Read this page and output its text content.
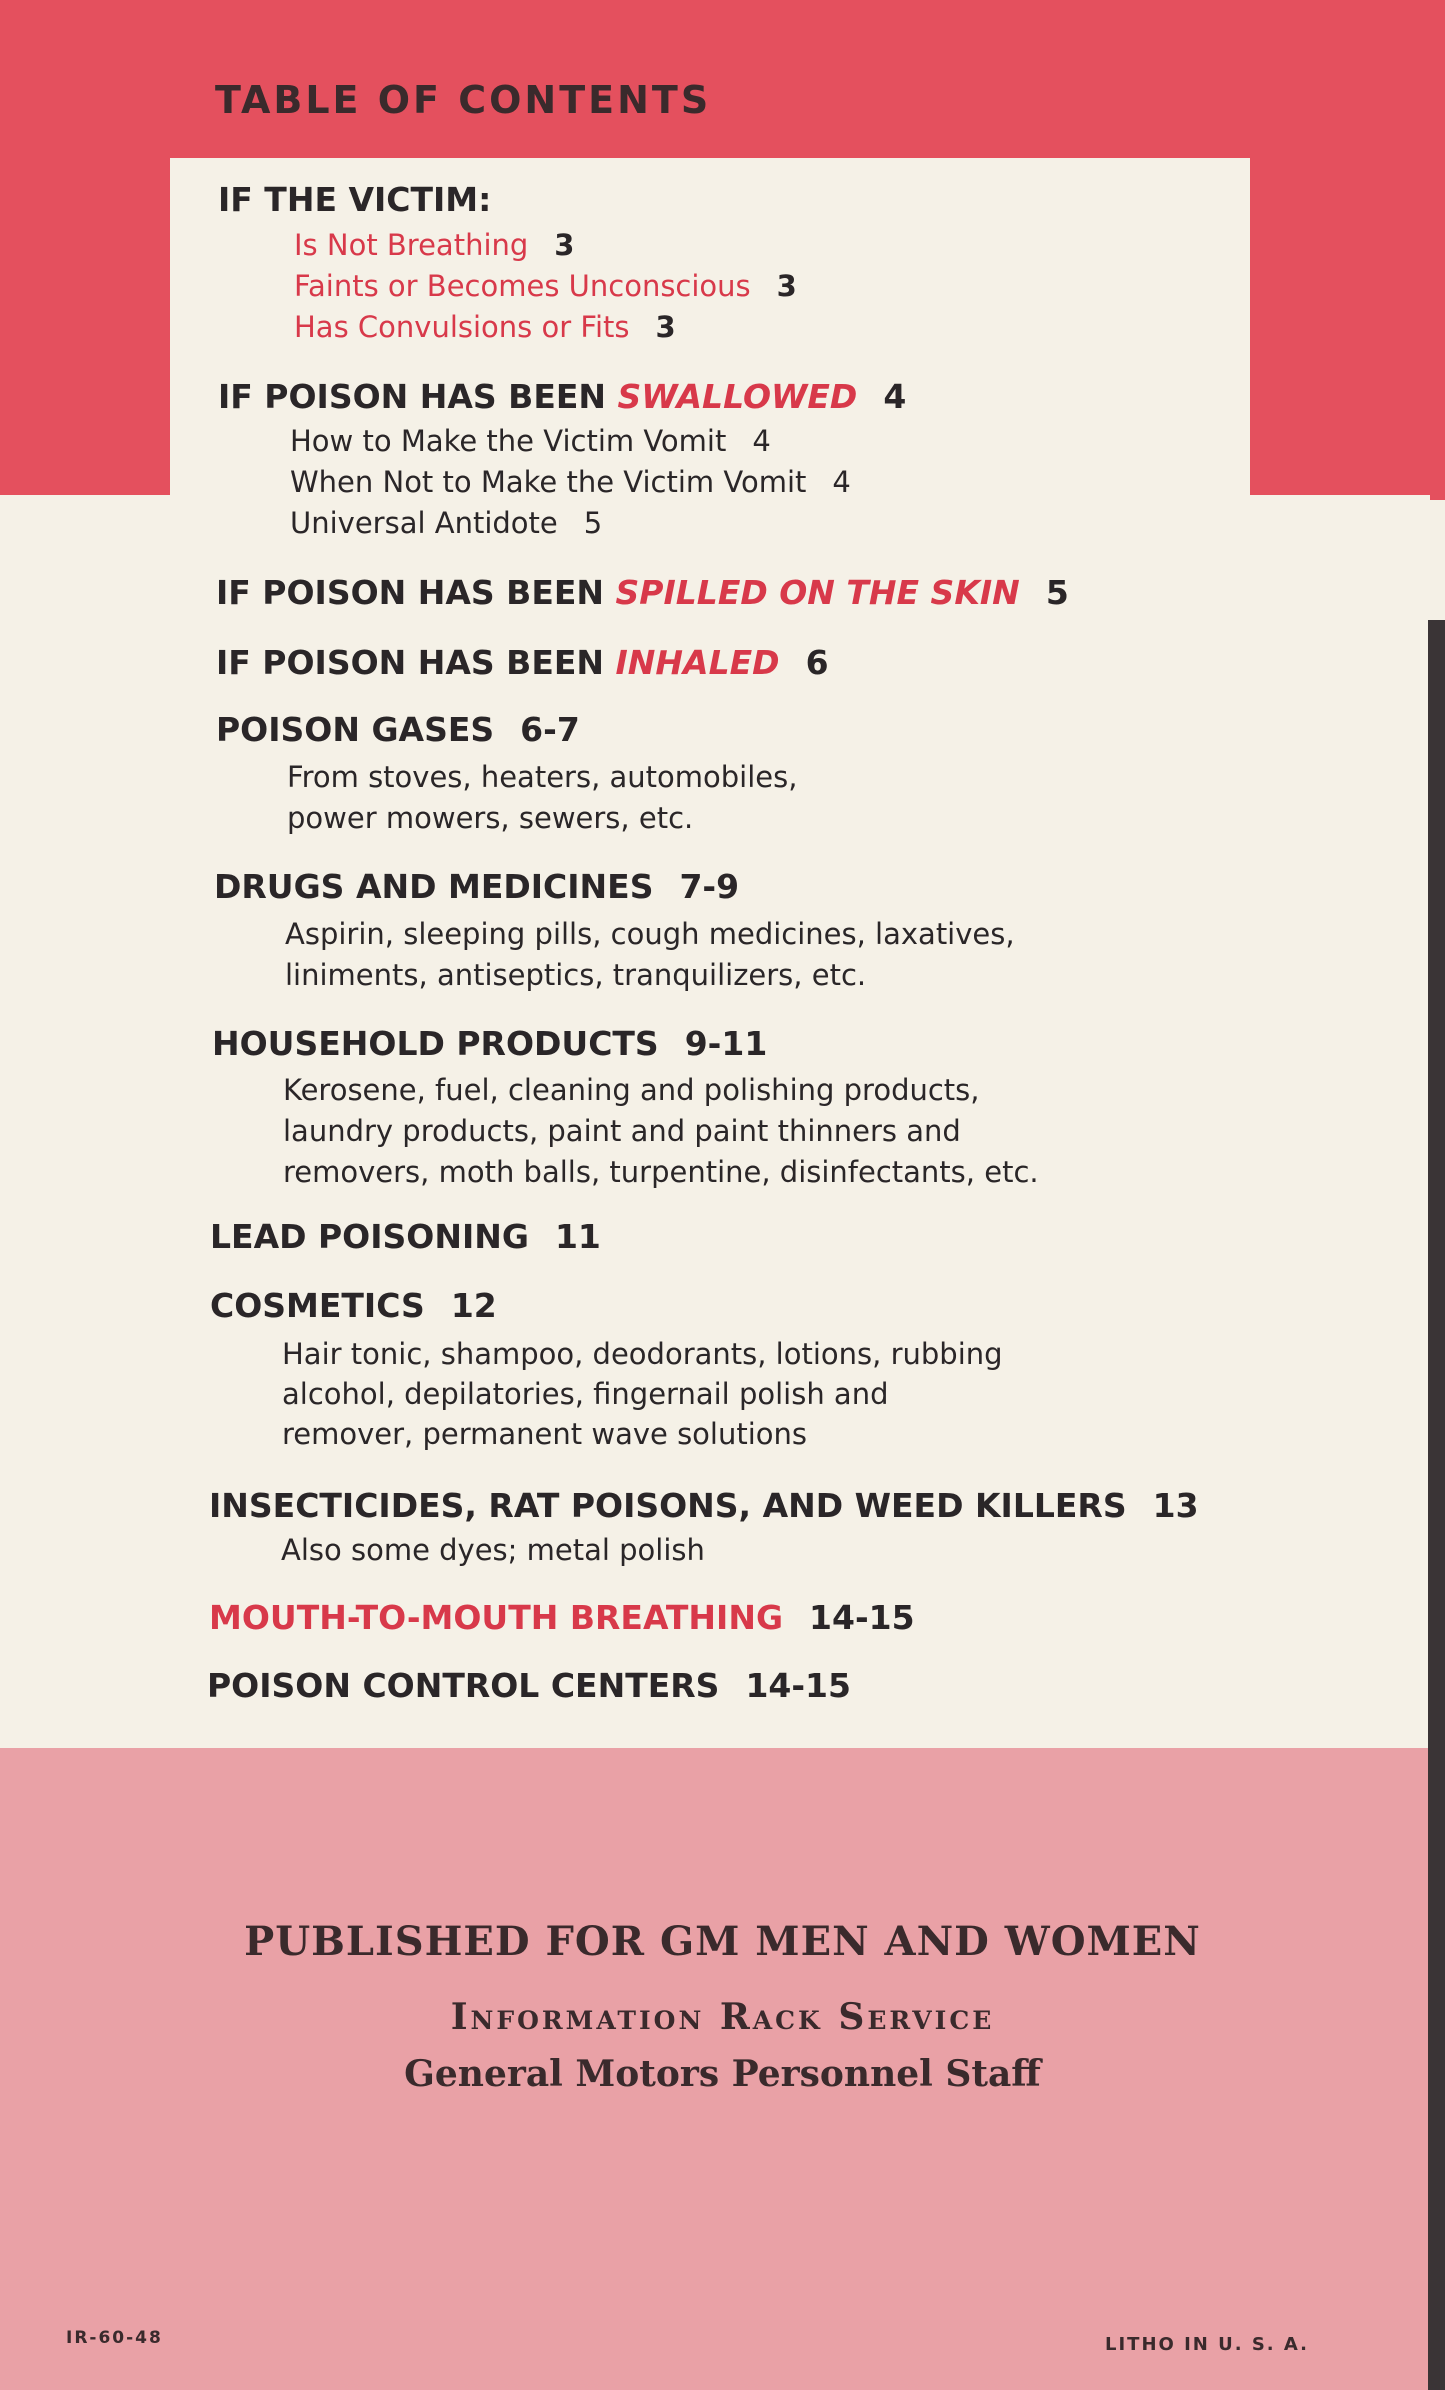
TABLE OF CONTENTS
IF THE VICTIM:
Is Not Breathing 3
Faints or Becomes Unconscious 3
Has Convulsions or Fits 3
IF POISON HAS BEEN SWALLOWED 4
How to Make the Victim Vomit 4
When Not to Make the Victim Vomit 4
Universal Antidote 5
IF POISON HAS BEEN SPILLED ON THE SKIN 5
IF POISON HAS BEEN INHALED 6
POISON GASES 6-7
From stoves, heaters, automobiles,
power mowers, sewers, etc.
DRUGS AND MEDICINES 7-9
Aspirin, sleeping pills, cough medicines, laxatives,
liniments, antiseptics, tranquilizers, etc.
HOUSEHOLD PRODUCTS 9-11
Kerosene, fuel, cleaning and polishing products,
laundry products, paint and paint thinners and
removers, moth balls, turpentine, disinfectants, etc.
LEAD POISONING 11
COSMETICS 12
Hair tonic, shampoo, deodorants, lotions, rubbing
alcohol, depilatories, fingernail polish and
remover, permanent wave solutions
INSECTICIDES, RAT POISONS, AND WEED KILLERS 13
Also some dyes; metal polish
MOUTH-TO-MOUTH BREATHING 14-15
POISON CONTROL CENTERS 14-15
PUBLISHED FOR GM MEN AND WOMEN
Information Rack Service
General Motors Personnel Staff
IR-60-48	LITHO IN U. S. A.
